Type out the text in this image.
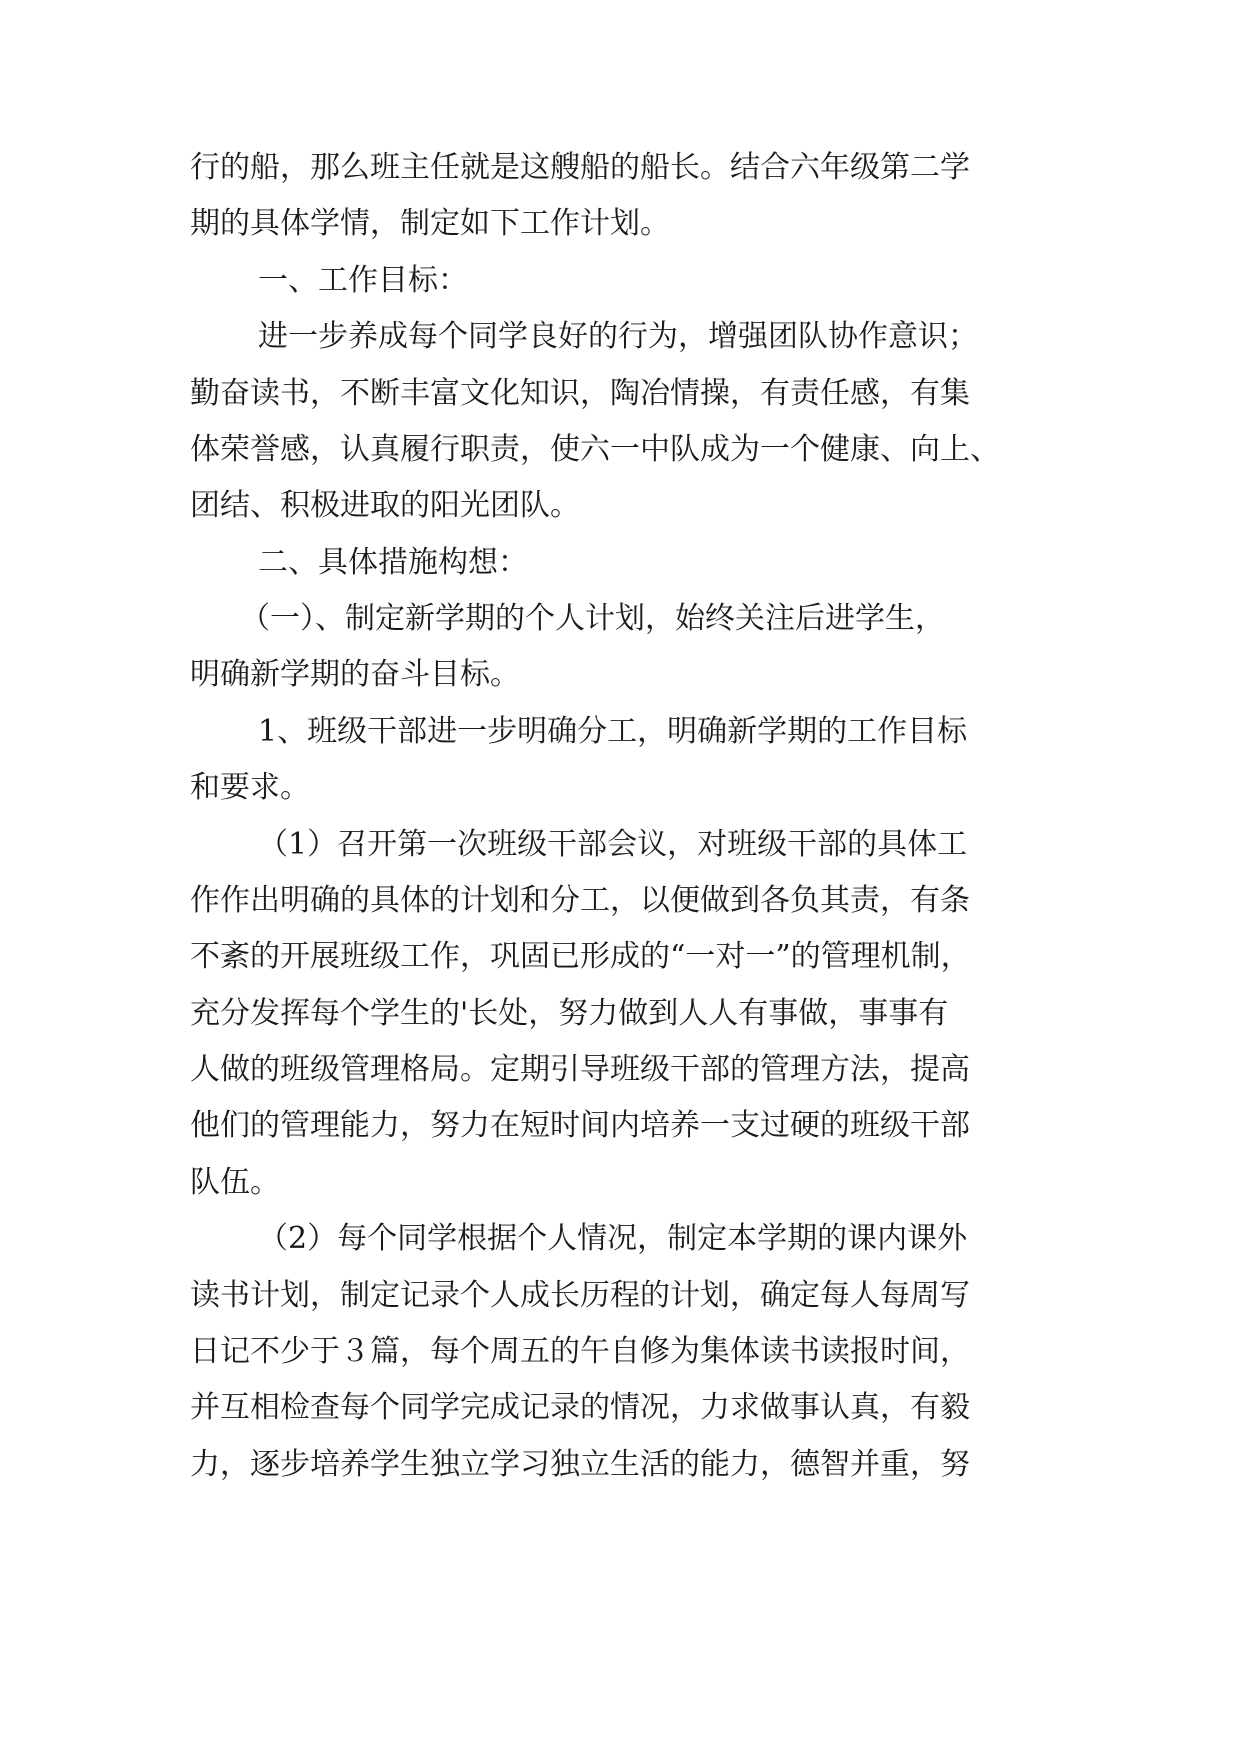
行的船，那么班主任就是这艘船的船长。结合六年级第二学
期的具体学情，制定如下工作计划。
一、工作目标：
进一步养成每个同学良好的行为，增强团队协作意识；
勤奋读书，不断丰富文化知识，陶冶情操，有责任感，有集
体荣誉感，认真履行职责，使六一中队成为一个健康、向上、
团结、积极进取的阳光团队。
二、具体措施构想：
（一）、制定新学期的个人计划，始终关注后进学生，
明确新学期的奋斗目标。
1、班级干部进一步明确分工，明确新学期的工作目标
和要求。
（1）召开第一次班级干部会议，对班级干部的具体工
作作出明确的具体的计划和分工，以便做到各负其责，有条
不紊的开展班级工作，巩固已形成的“一对一”的管理机制，
充分发挥每个学生的'长处，努力做到人人有事做，事事有
人做的班级管理格局。定期引导班级干部的管理方法，提高
他们的管理能力，努力在短时间内培养一支过硬的班级干部
队伍。
（2）每个同学根据个人情况，制定本学期的课内课外
读书计划，制定记录个人成长历程的计划，确定每人每周写
日记不少于３篇，每个周五的午自修为集体读书读报时间，
并互相检查每个同学完成记录的情况，力求做事认真，有毅
力，逐步培养学生独立学习独立生活的能力，德智并重，努
